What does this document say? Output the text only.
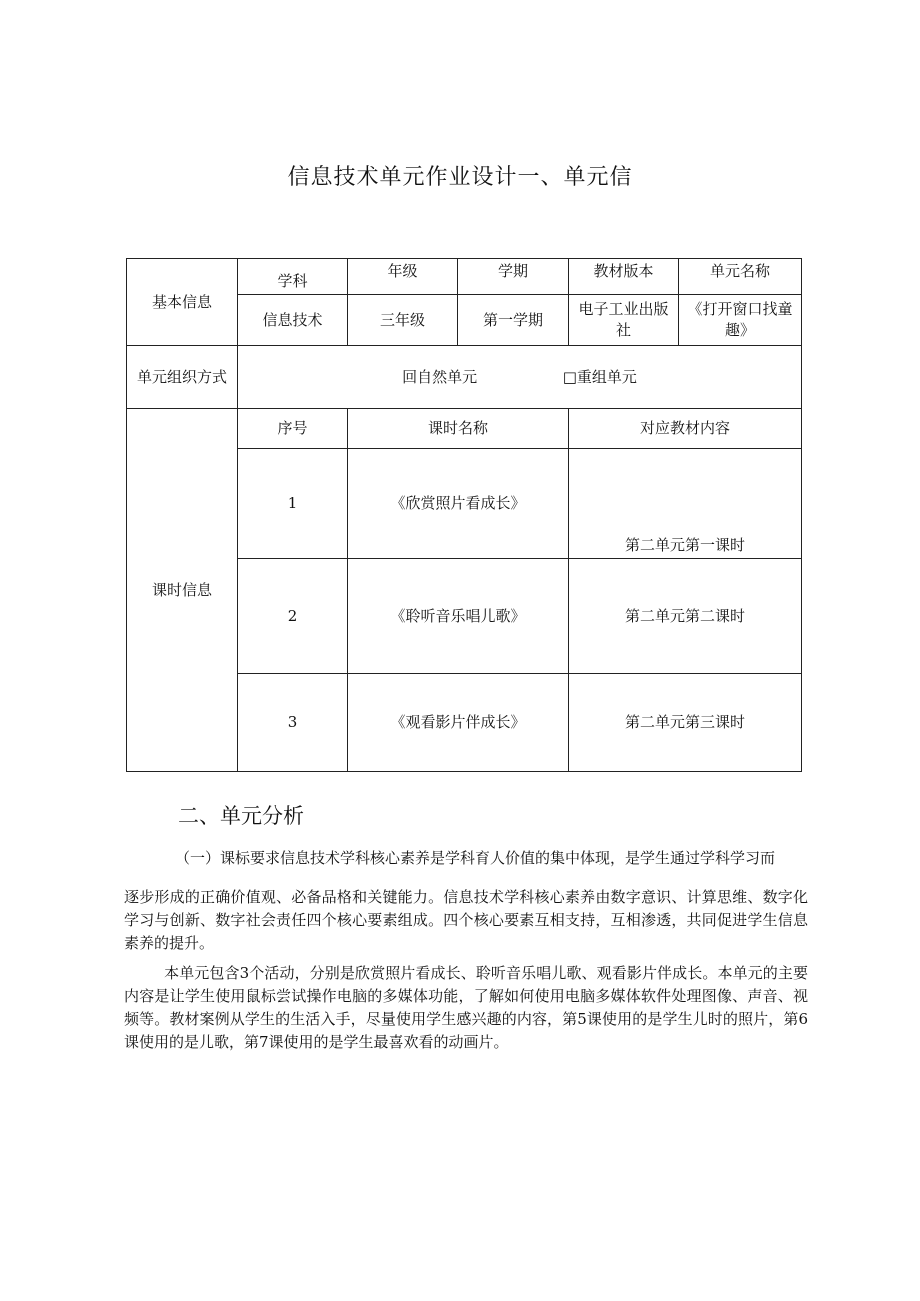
信息技术单元作业设计一、单元信
基本信息	学科	年级	学期	教材版本	单元名称
	信息技术	三年级	第一学期	电子工业出版社	《打开窗口找童趣》
单元组织方式	回自然单元 □重组单元				
课时信息	序号	课时名称		对应教材内容	
	1	《欣赏照片看成长》		第二单元第一课时	
	2	《聆听音乐唱儿歌》		第二单元第二课时	
	3	《观看影片伴成长》		第二单元第三课时	
二、单元分析

（一）课标要求信息技术学科核心素养是学科育人价值的集中体现，是学生通过学科学习而

逐步形成的正确价值观、必备品格和关键能力。信息技术学科核心素养由数字意识、计算思维、数字化学习与创新、数字社会责任四个核心要素组成。四个核心要素互相支持，互相渗透，共同促进学生信息素养的提升。

本单元包含3个活动，分别是欣赏照片看成长、聆听音乐唱儿歌、观看影片伴成长。本单元的主要内容是让学生使用鼠标尝试操作电脑的多媒体功能，了解如何使用电脑多媒体软件处理图像、声音、视频等。教材案例从学生的生活入手，尽量使用学生感兴趣的内容，第5课使用的是学生儿时的照片，第6课使用的是儿歌，第7课使用的是学生最喜欢看的动画片。
